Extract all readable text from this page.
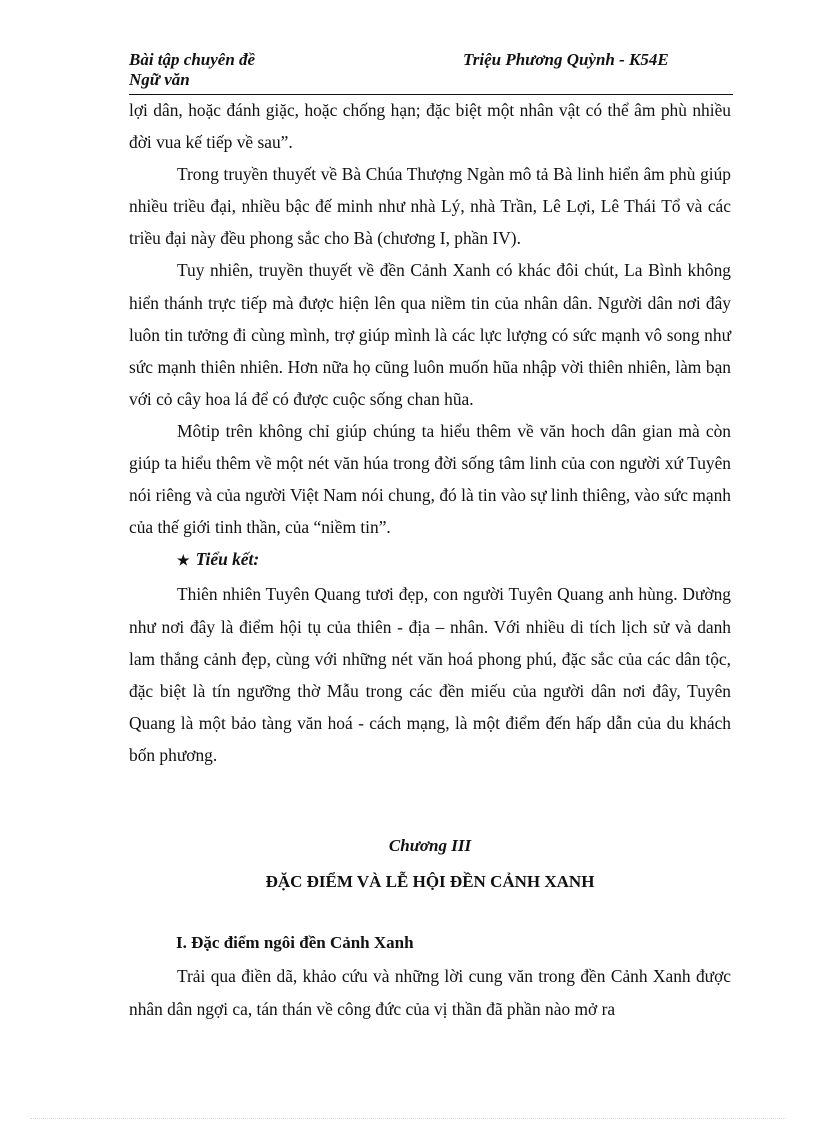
Bài tập chuyên đề
Ngữ văn
Triệu Phương Quỳnh - K54E

lợi dân, hoặc đánh giặc, hoặc chống hạn; đặc biệt một nhân vật có thể âm phù nhiều đời vua kế tiếp về sau”.

Trong truyền thuyết về Bà Chúa Thượng Ngàn mô tả Bà linh hiển âm phù giúp nhiều triều đại, nhiều bậc đế minh như nhà Lý, nhà Trần, Lê Lợi, Lê Thái Tổ và các triều đại này đều phong sắc cho Bà (chương I, phần IV).

Tuy nhiên, truyền thuyết về đền Cảnh Xanh có khác đôi chút, La Bình không hiển thánh trực tiếp mà được hiện lên qua niềm tin của nhân dân. Người dân nơi đây luôn tin tưởng đi cùng mình, trợ giúp mình là các lực lượng có sức mạnh vô song như sức mạnh thiên nhiên. Hơn nữa họ cũng luôn muốn hũa nhập vời thiên nhiên, làm bạn với cỏ cây hoa lá để có được cuộc sống chan hũa.

Môtip trên không chỉ giúp chúng ta hiểu thêm về văn hoch dân gian mà còn giúp ta hiểu thêm về một nét văn húa trong đời sống tâm linh của con người xứ Tuyên nói riêng và của người Việt Nam nói chung, đó là tin vào sự linh thiêng, vào sức mạnh của thế giới tinh thần, của “niềm tin”.

★ Tiểu kết:

Thiên nhiên Tuyên Quang tươi đẹp, con người Tuyên Quang anh hùng. Dường như nơi đây là điểm hội tụ của thiên - địa – nhân. Với nhiều di tích lịch sử và danh lam thắng cảnh đẹp, cùng với những nét văn hoá phong phú, đặc sắc của các dân tộc, đặc biệt là tín ngưỡng thờ Mẫu trong các đền miếu của người dân nơi đây, Tuyên Quang là một bảo tàng văn hoá - cách mạng, là một điểm đến hấp dẫn của du khách bốn phương.

Chương III
ĐẶC ĐIỂM VÀ LỄ HỘI ĐỀN CẢNH XANH
I. Đặc điểm ngôi đền Cảnh Xanh

Trải qua điền dã, khảo cứu và những lời cung văn trong đền Cảnh Xanh được nhân dân ngợi ca, tán thán về công đức của vị thần đã phần nào mở ra
